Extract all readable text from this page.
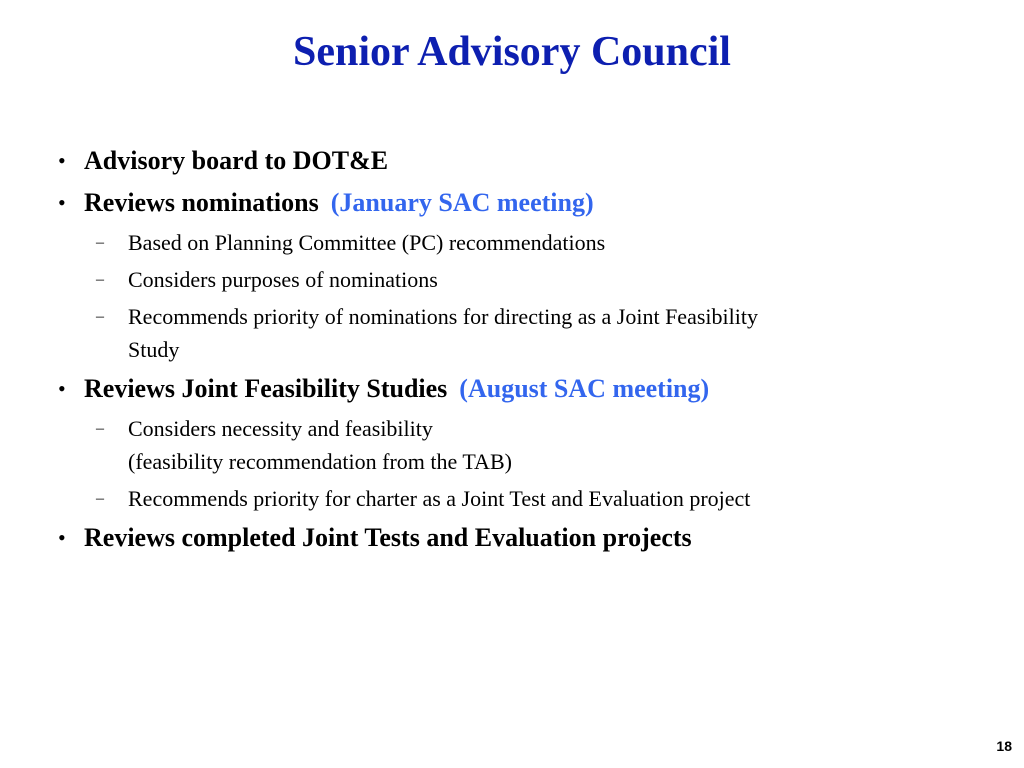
Senior Advisory Council
• Advisory board to DOT&E
• Reviews nominations (January SAC meeting)
– Based on Planning Committee (PC) recommendations
– Considers purposes of nominations
– Recommends priority of nominations for directing as a Joint Feasibility
Study
• Reviews Joint Feasibility Studies (August SAC meeting)
– Considers necessity and feasibility
(feasibility recommendation from the TAB)
– Recommends priority for charter as a Joint Test and Evaluation project
• Reviews completed Joint Tests and Evaluation projects
18
